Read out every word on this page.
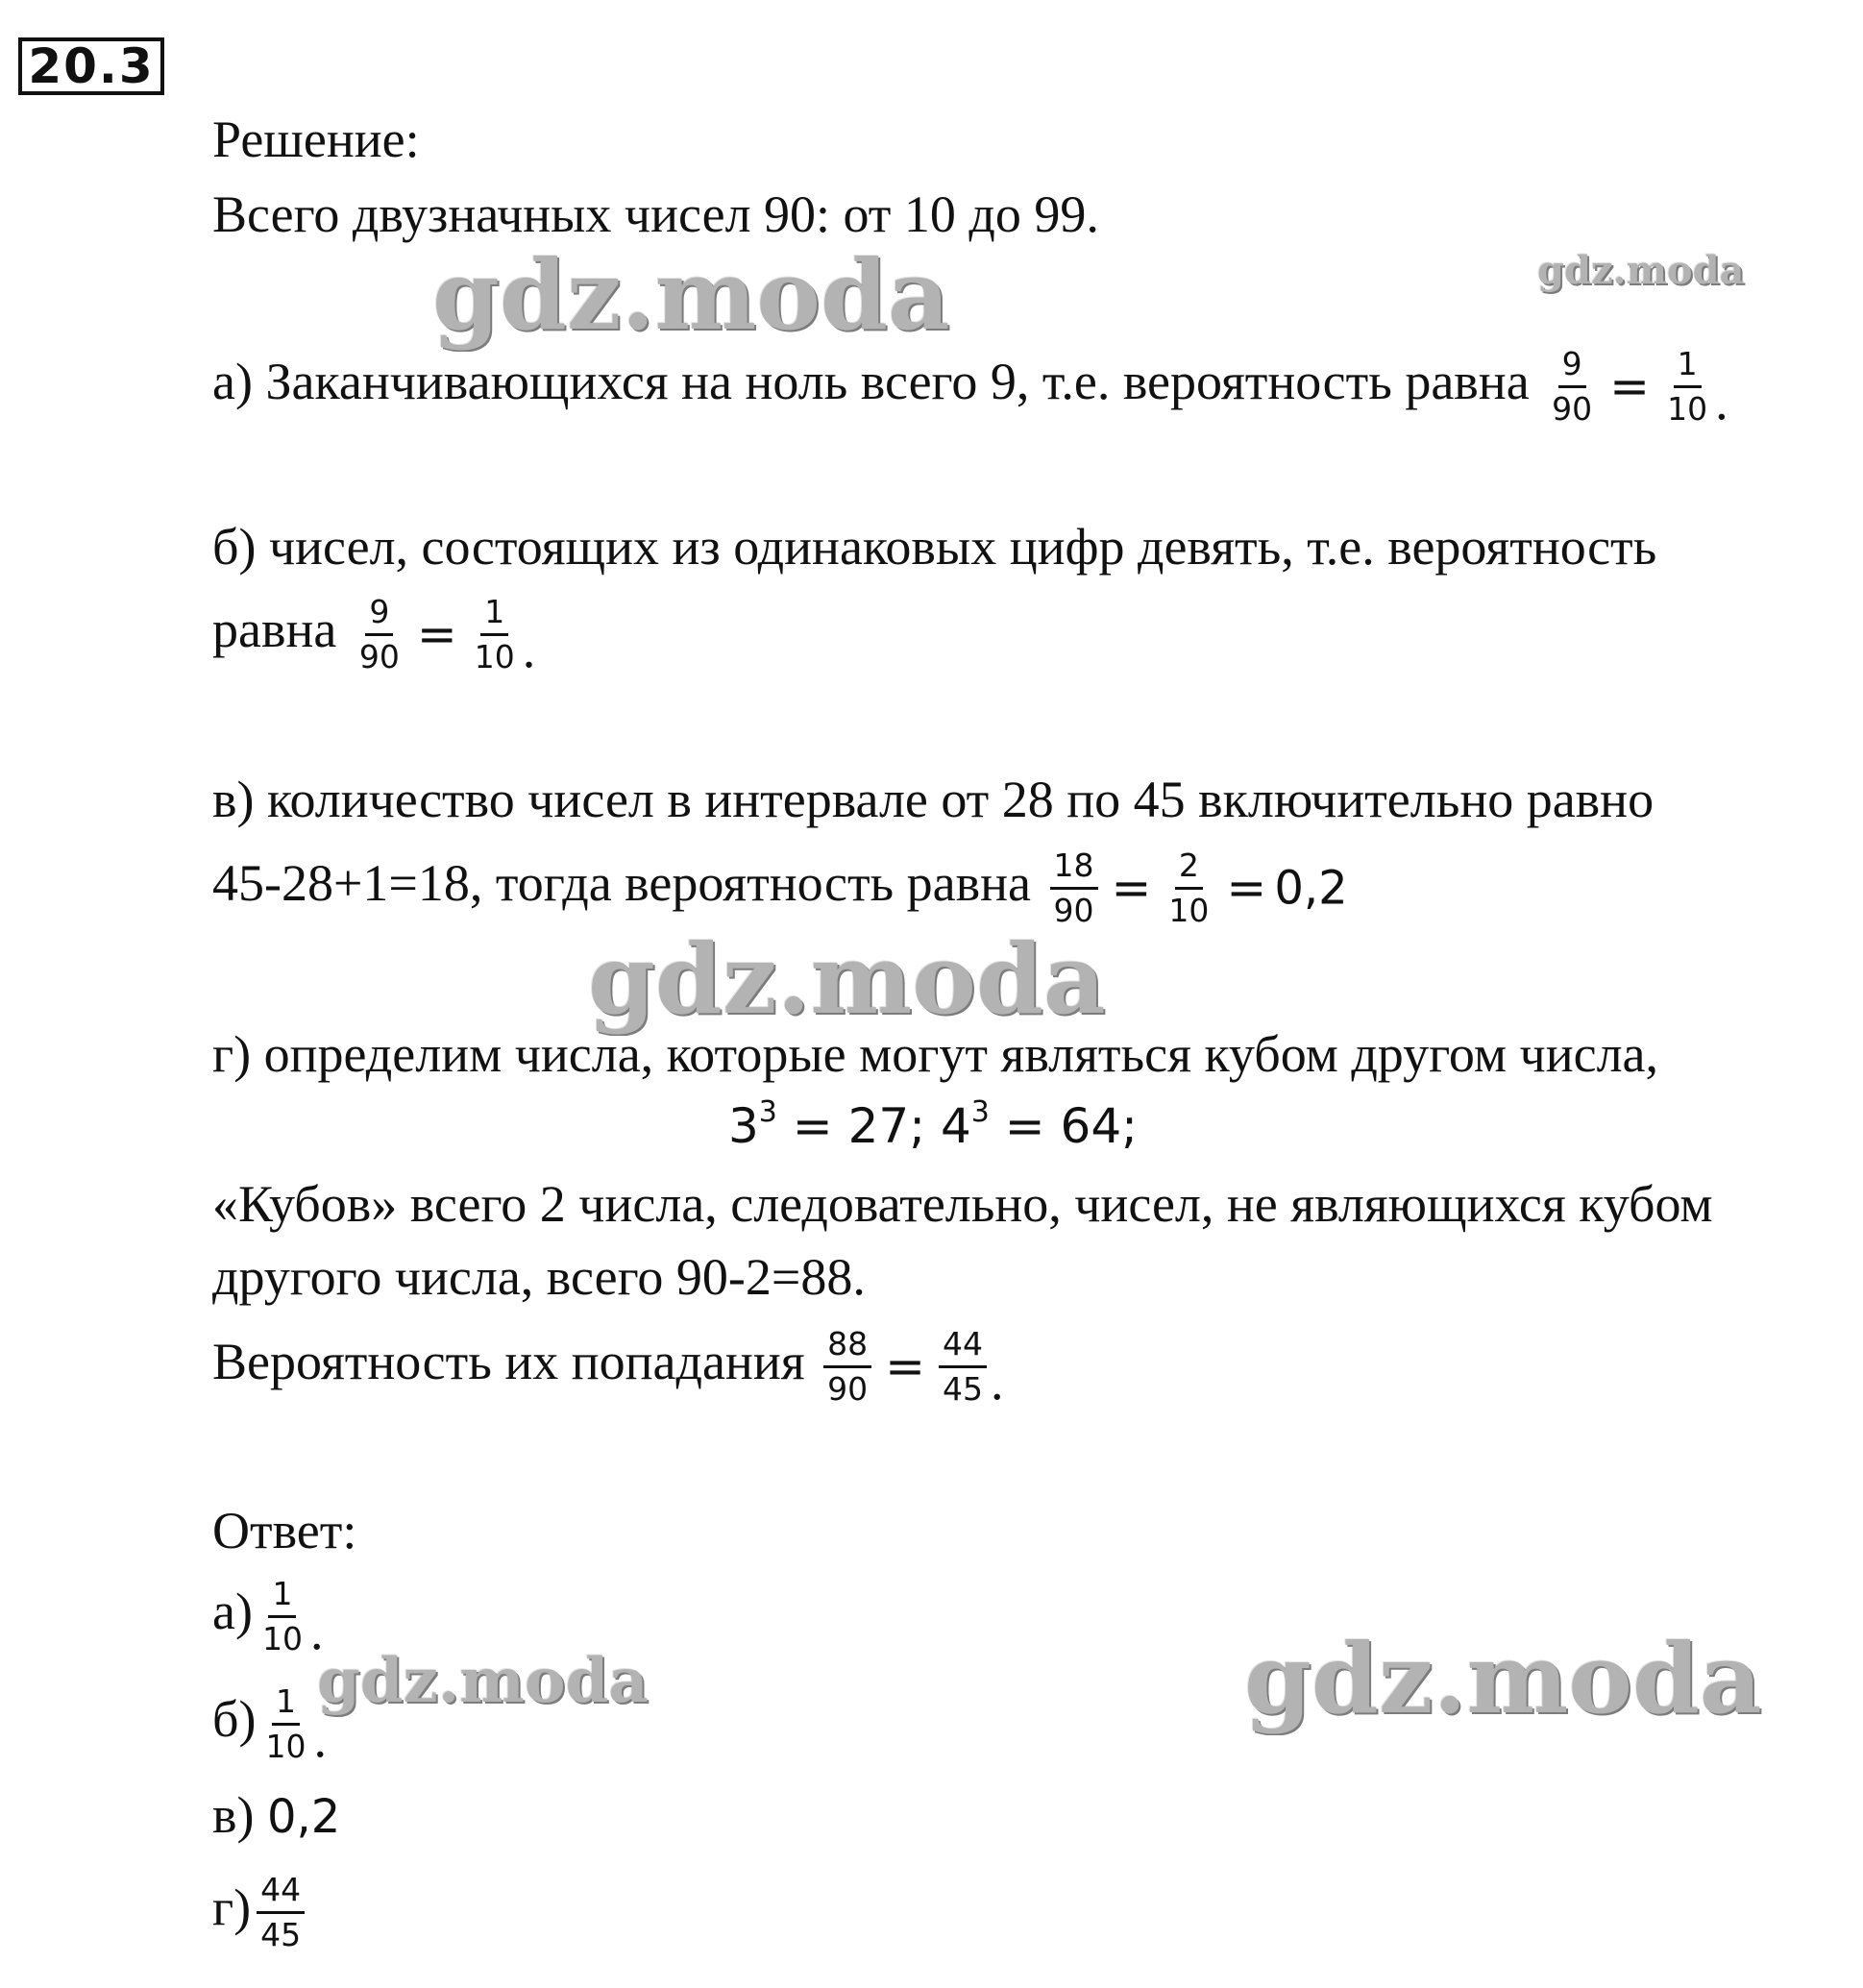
20.3
Решение:
Всего двузначных чисел 90: от 10 до 99.
а) Заканчивающихся на ноль всего 9, т.е. вероятность равна $\frac{9}{90} = \frac{1}{10}$ .
б) чисел, состоящих из одинаковых цифр девять, т.е. вероятность
равна $\frac{9}{90} = \frac{1}{10}$ .
в) количество чисел в интервале от 28 по 45 включительно равно
45-28+1=18, тогда вероятность равна $\frac{18}{90} = \frac{2}{10} = 0,2$
г) определим числа, которые могут являться кубом другом числа,
$3^3 = 27$; $4^3 = 64$;
«Кубов» всего 2 числа, следовательно, чисел, не являющихся кубом
другого числа, всего 90-2=88.
Вероятность их попадания $\frac{88}{90} = \frac{44}{45}$ .
Ответ:
$а) \frac{1}{10}$ .
$б) \frac{1}{10}$ .
в) 0,2
$г) \frac{44}{45}$
gdz.moda	gdz.moda
gdz.moda
gdz.moda	gdz.moda
